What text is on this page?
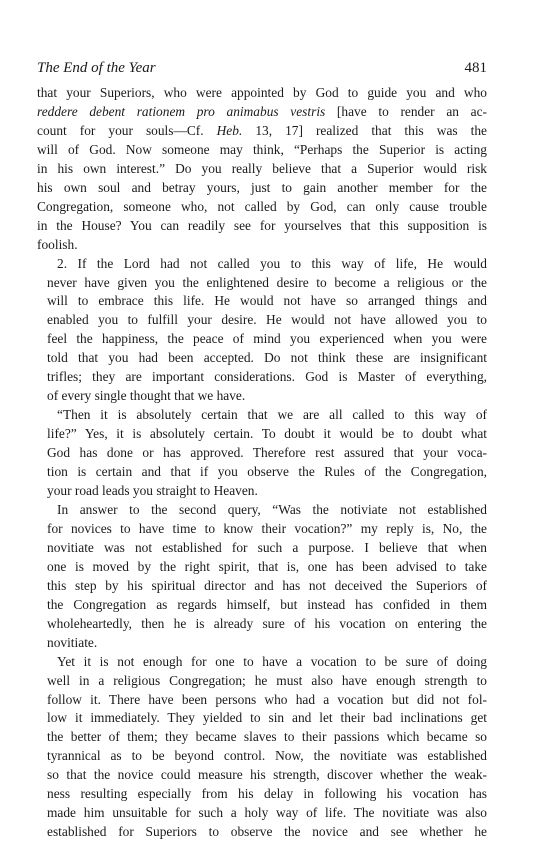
The End of the Year	481

that your Superiors, who were appointed by God to guide you and who
reddere debent rationem pro animabus vestris [have to render an ac-
count for your souls—Cf. Heb. 13, 17] realized that this was the
will of God. Now someone may think, “Perhaps the Superior is acting
in his own interest.” Do you really believe that a Superior would risk
his own soul and betray yours, just to gain another member for the
Congregation, someone who, not called by God, can only cause trouble
in the House? You can readily see for yourselves that this supposition is
foolish.

2. If the Lord had not called you to this way of life, He would
never have given you the enlightened desire to become a religious or the
will to embrace this life. He would not have so arranged things and
enabled you to fulfill your desire. He would not have allowed you to
feel the happiness, the peace of mind you experienced when you were
told that you had been accepted. Do not think these are insignificant
trifles; they are important considerations. God is Master of everything,
of every single thought that we have.

“Then it is absolutely certain that we are all called to this way of
life?” Yes, it is absolutely certain. To doubt it would be to doubt what
God has done or has approved. Therefore rest assured that your voca-
tion is certain and that if you observe the Rules of the Congregation,
your road leads you straight to Heaven.

In answer to the second query, “Was the notiviate not established
for novices to have time to know their vocation?” my reply is, No, the
novitiate was not established for such a purpose. I believe that when
one is moved by the right spirit, that is, one has been advised to take
this step by his spiritual director and has not deceived the Superiors of
the Congregation as regards himself, but instead has confided in them
wholeheartedly, then he is already sure of his vocation on entering the
novitiate.

Yet it is not enough for one to have a vocation to be sure of doing
well in a religious Congregation; he must also have enough strength to
follow it. There have been persons who had a vocation but did not fol-
low it immediately. They yielded to sin and let their bad inclinations get
the better of them; they became slaves to their passions which became so
tyrannical as to be beyond control. Now, the novitiate was established
so that the novice could measure his strength, discover whether the weak-
ness resulting especially from his delay in following his vocation has
made him unsuitable for such a holy way of life. The novitiate was also
established for Superiors to observe the novice and see whether he
